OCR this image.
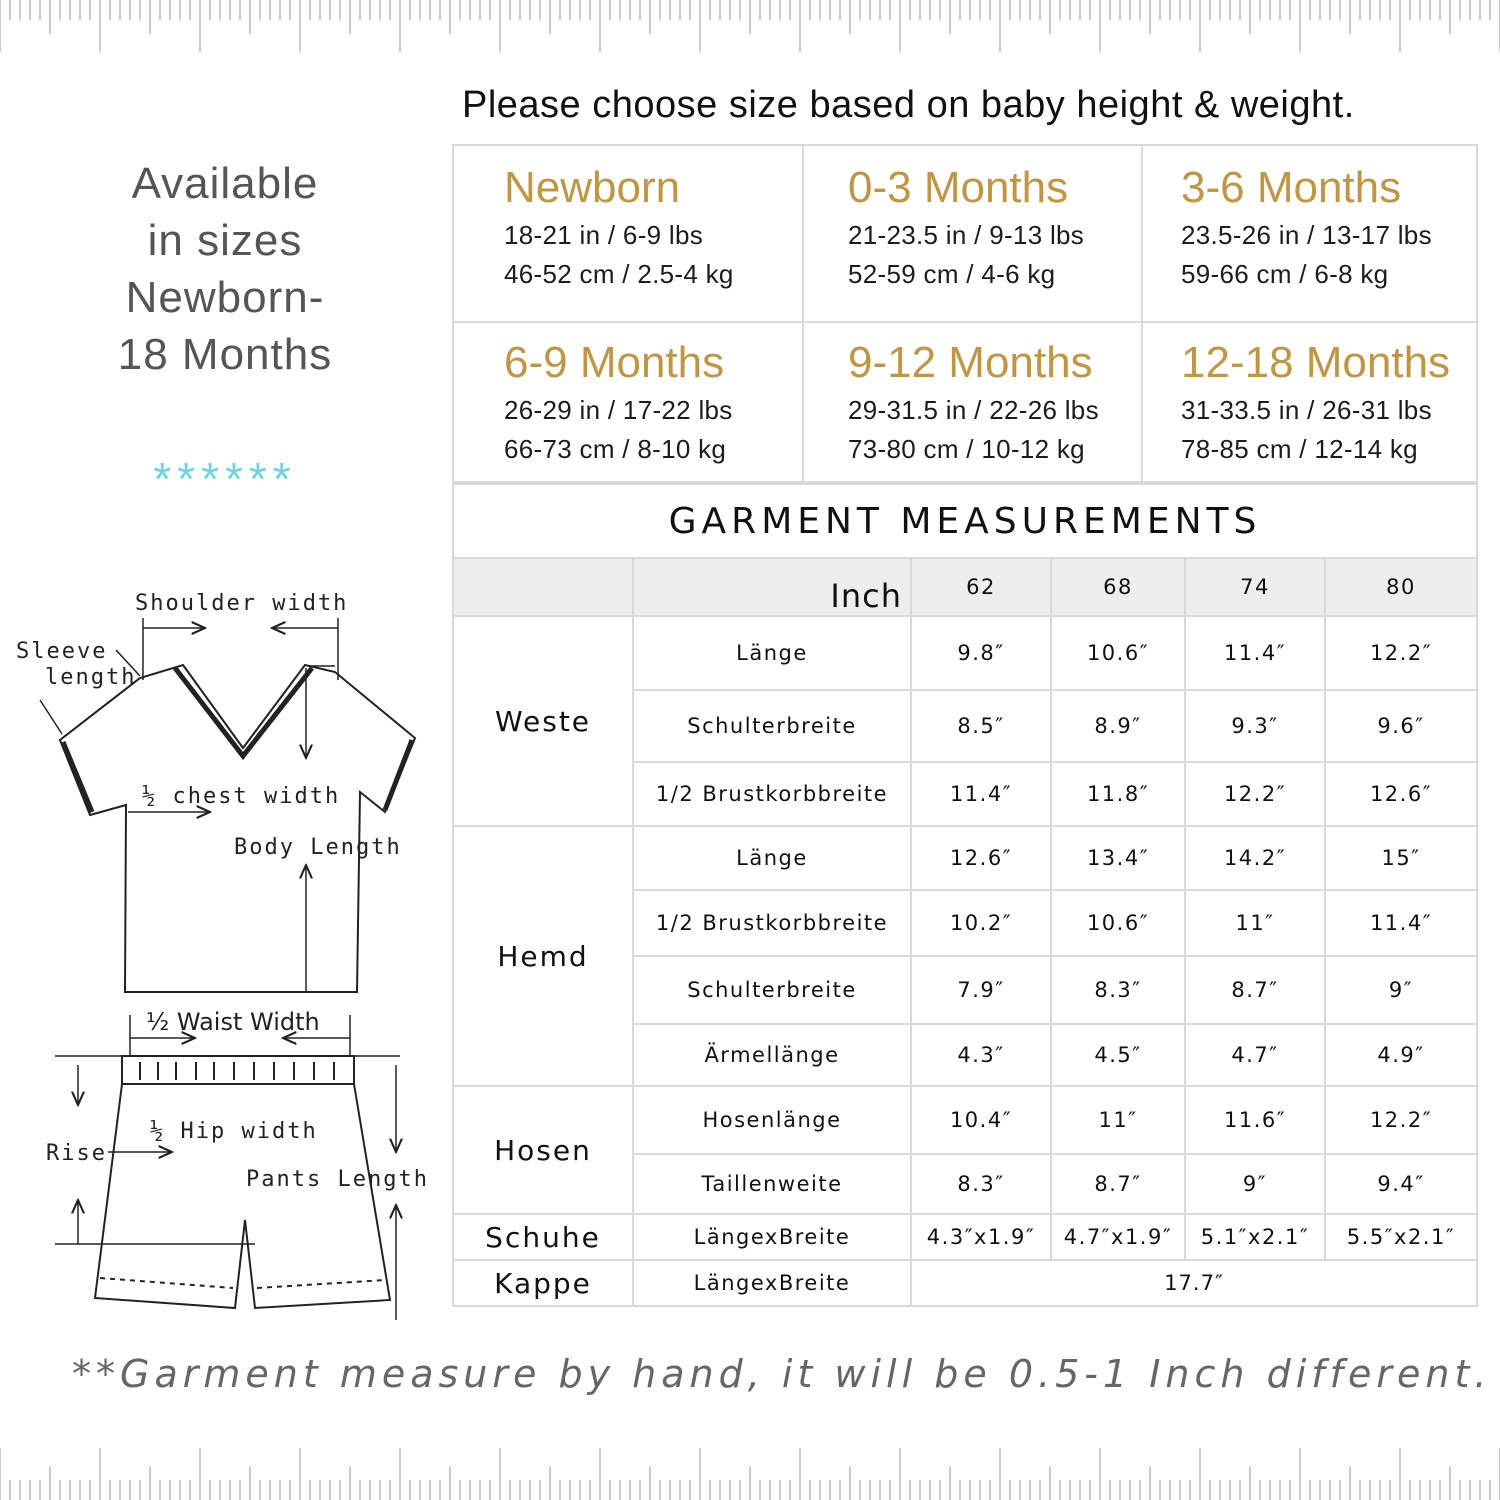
Please choose size based on baby height & weight.
Available
in sizes
Newborn-
18 Months
******
Newborn
18-21 in / 6-9 lbs
46-52 cm / 2.5-4 kg
0-3 Months
21-23.5 in / 9-13 lbs
52-59 cm / 4-6 kg
3-6 Months
23.5-26 in / 13-17 lbs
59-66 cm / 6-8 kg
6-9 Months
26-29 in / 17-22 lbs
66-73 cm / 8-10 kg
9-12 Months
29-31.5 in / 22-26 lbs
73-80 cm / 10-12 kg
12-18 Months
31-33.5 in / 26-31 lbs
78-85 cm / 12-14 kg
GARMENT MEASUREMENTS					
	Inch	62	68	74	80
Weste	Länge	9.8″	10.6″	11.4″	12.2″
	Schulterbreite	8.5″	8.9″	9.3″	9.6″
	1/2 Brustkorbbreite	11.4″	11.8″	12.2″	12.6″
Hemd	Länge	12.6″	13.4″	14.2″	15″
	1/2 Brustkorbbreite	10.2″	10.6″	11″	11.4″
	Schulterbreite	7.9″	8.3″	8.7″	9″
	Ärmellänge	4.3″	4.5″	4.7″	4.9″
Hosen	Hosenlänge	10.4″	11″	11.6″	12.2″
	Taillenweite	8.3″	8.7″	9″	9.4″
Schuhe	LängexBreite	4.3″x1.9″	4.7″x1.9″	5.1″x2.1″	5.5″x2.1″
Kappe	LängexBreite	17.7″			
Shoulder width
Sleeve
length
½ chest width
Body Length
½ Waist Width
½ Hip width
Rise
Pants Length
**Garment measure by hand, it will be 0.5-1 Inch different.
